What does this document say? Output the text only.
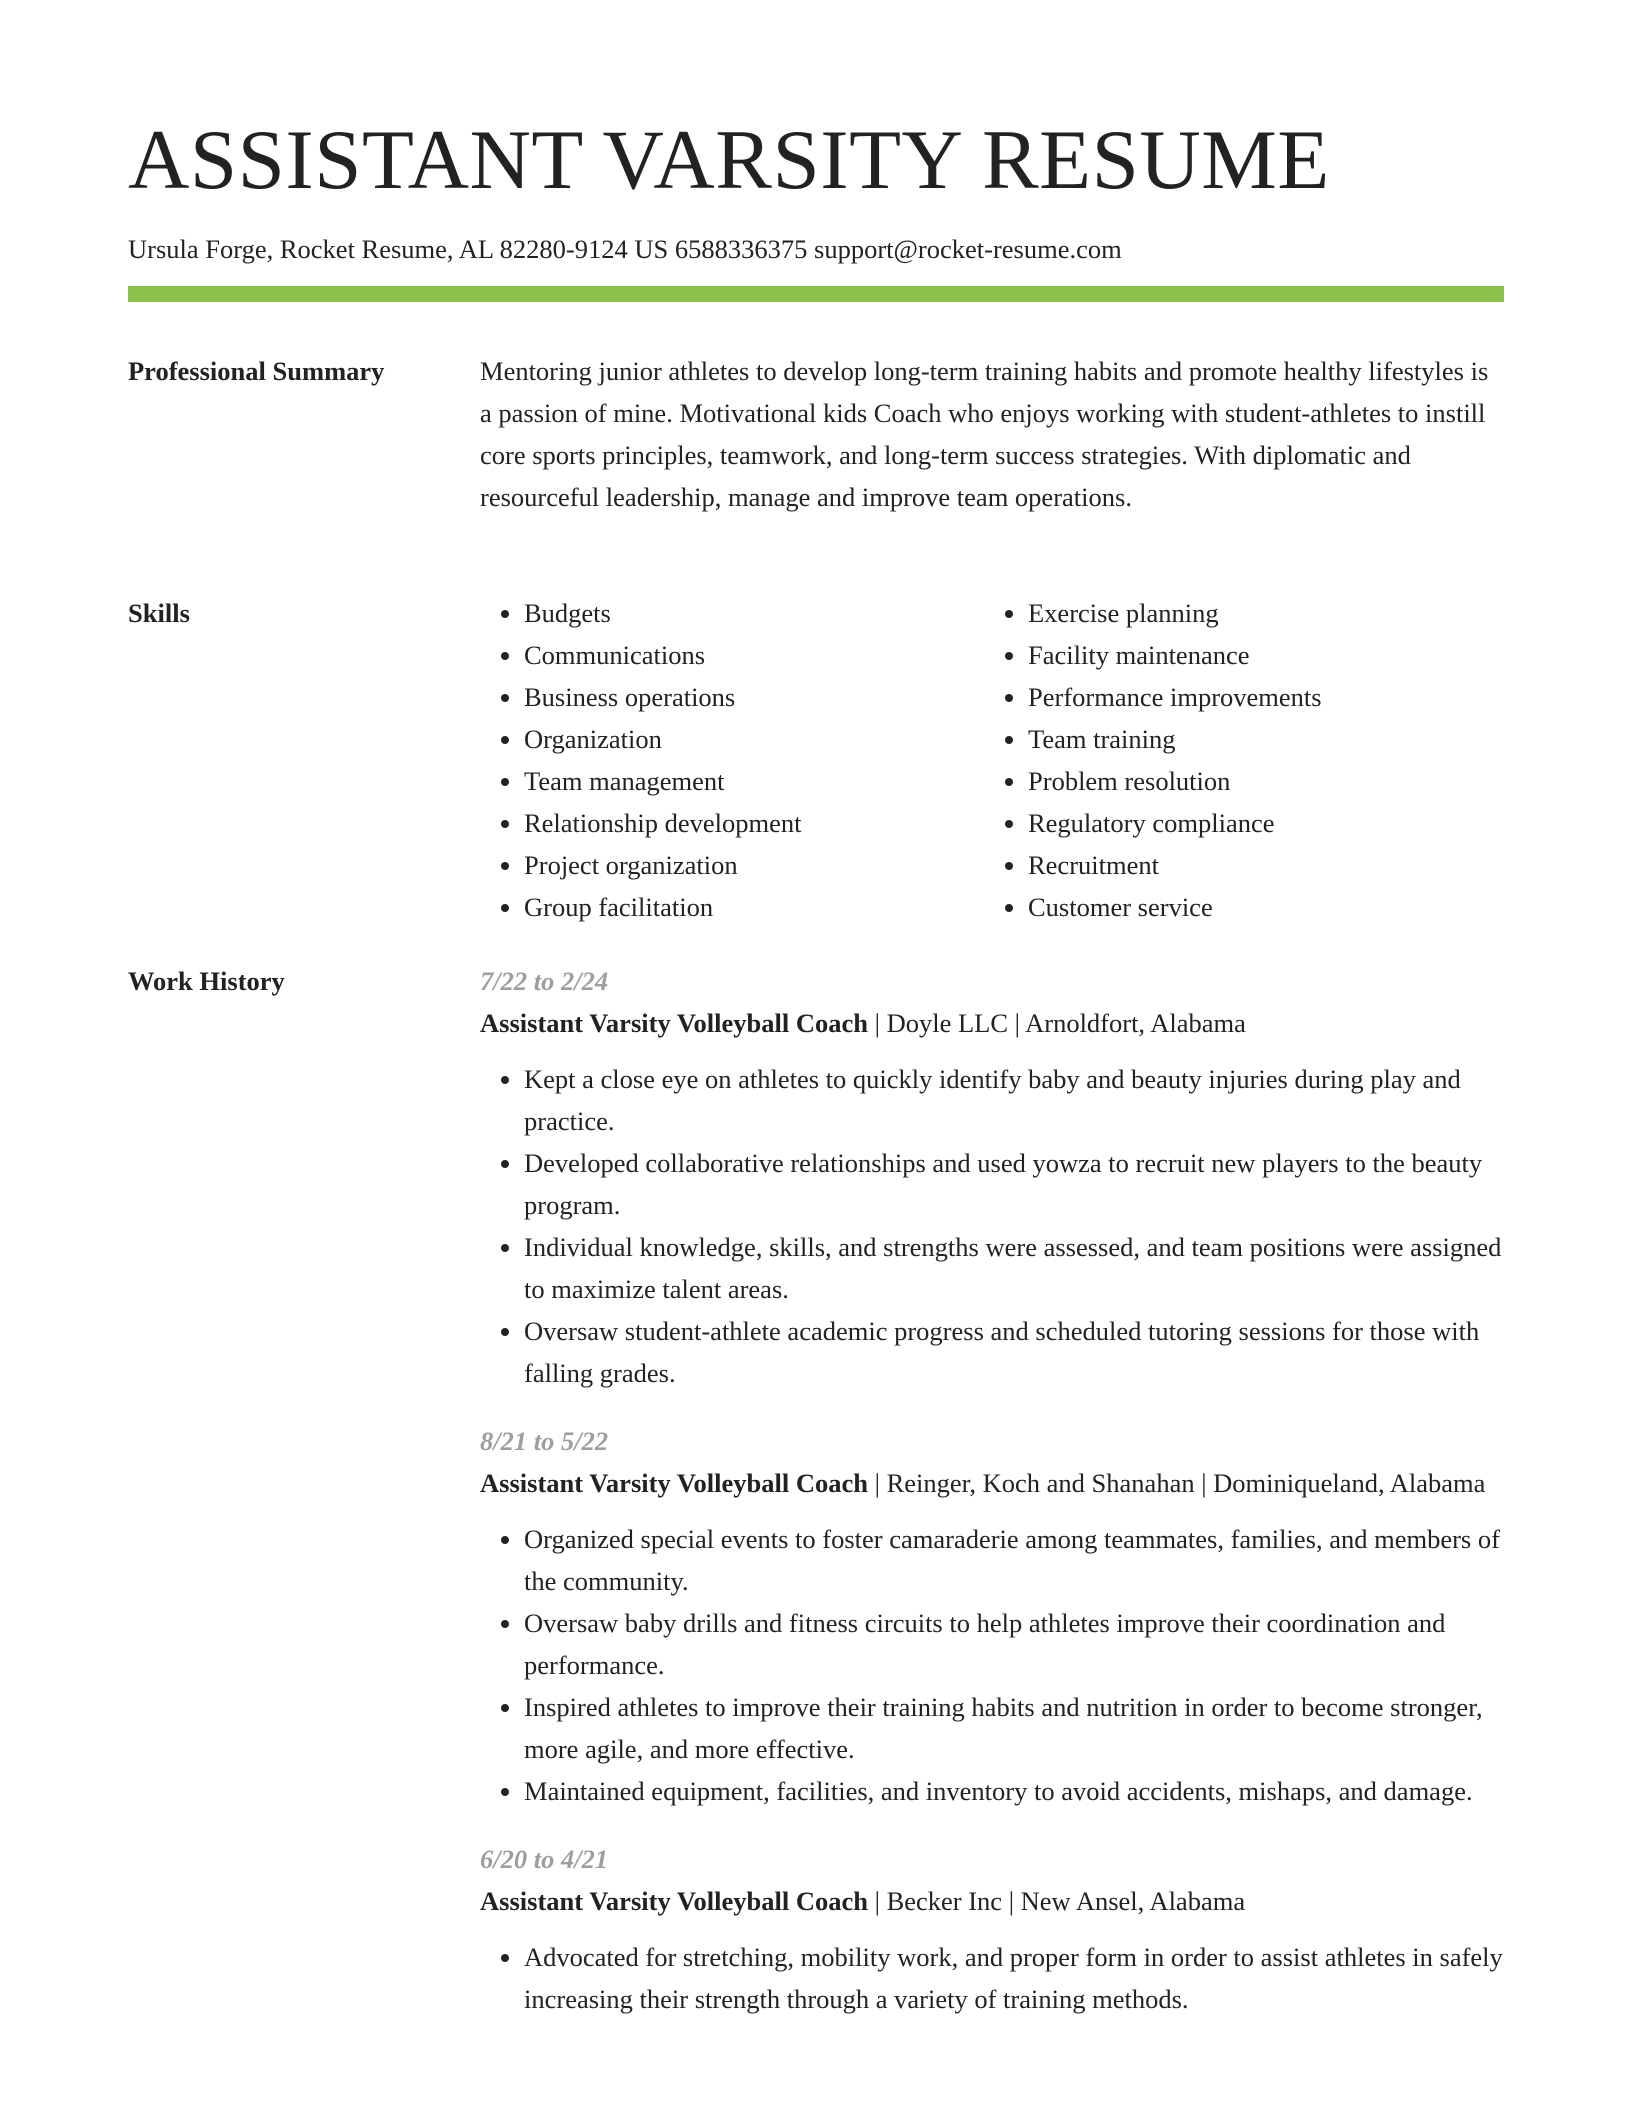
ASSISTANT VARSITY RESUME
Ursula Forge, Rocket Resume, AL 82280-9124 US 6588336375 support@rocket-resume.com
Professional Summary	Mentoring junior athletes to develop long-term training habits and promote healthy lifestyles is a passion of mine. Motivational kids Coach who enjoys working with student-athletes to instill core sports principles, teamwork, and long-term success strategies. With diplomatic and resourceful leadership, manage and improve team operations.

Skills
•	Budgets
• Communications
• Business operations
• Organization
• Team management
• Relationship development
• Project organization
• Group facilitation
• Exercise planning
• Facility maintenance
• Performance improvements
• Team training
• Problem resolution
• Regulatory compliance
• Recruitment
• Customer service
Work History	7/22 to 2/24
Assistant Varsity Volleyball Coach | Doyle LLC | Arnoldfort, Alabama
• Kept a close eye on athletes to quickly identify baby and beauty injuries during play and practice.
• Developed collaborative relationships and used yowza to recruit new players to the beauty program.
• Individual knowledge, skills, and strengths were assessed, and team positions were assigned to maximize talent areas.
• Oversaw student-athlete academic progress and scheduled tutoring sessions for those with falling grades.
8/21 to 5/22
Assistant Varsity Volleyball Coach | Reinger, Koch and Shanahan | Dominiqueland, Alabama
• Organized special events to foster camaraderie among teammates, families, and members of the community.
• Oversaw baby drills and fitness circuits to help athletes improve their coordination and performance.
• Inspired athletes to improve their training habits and nutrition in order to become stronger, more agile, and more effective.
• Maintained equipment, facilities, and inventory to avoid accidents, mishaps, and damage.
6/20 to 4/21
Assistant Varsity Volleyball Coach | Becker Inc | New Ansel, Alabama
• Advocated for stretching, mobility work, and proper form in order to assist athletes in safely increasing their strength through a variety of training methods.
